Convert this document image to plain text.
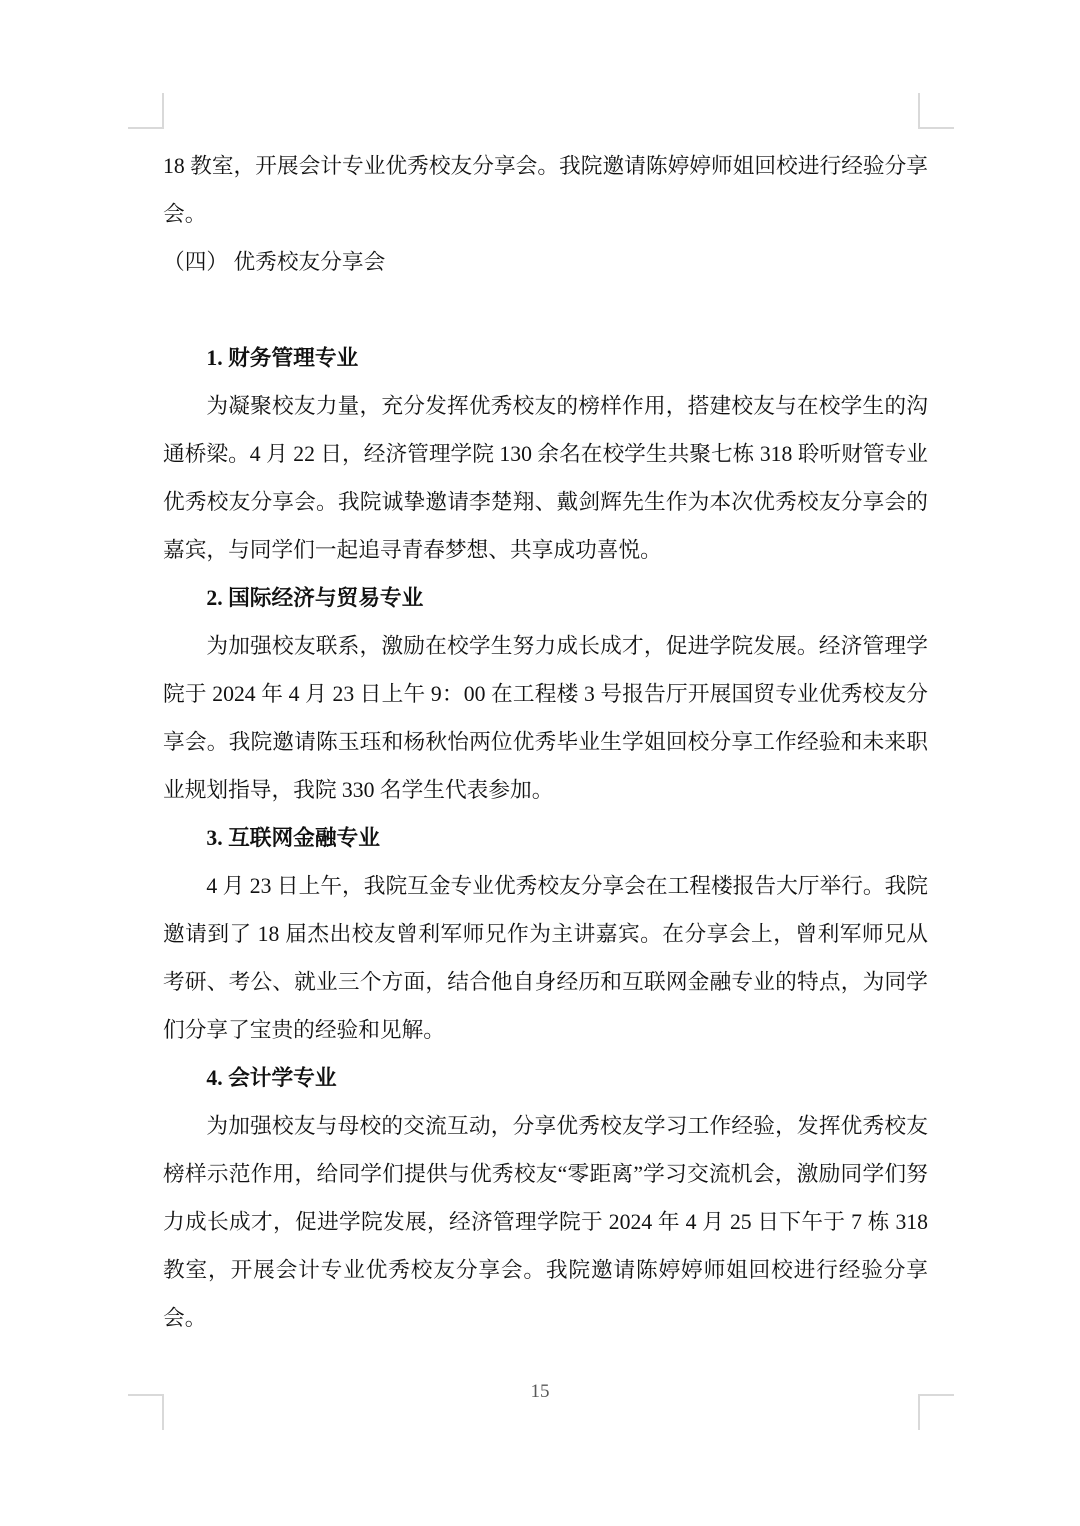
18 教室，开展会计专业优秀校友分享会。我院邀请陈婷婷师姐回校进行经验分享会。

（四） 优秀校友分享会
1. 财务管理专业

为凝聚校友力量，充分发挥优秀校友的榜样作用，搭建校友与在校学生的沟通桥梁。4 月 22 日，经济管理学院 130 余名在校学生共聚七栋 318 聆听财管专业优秀校友分享会。我院诚挚邀请李楚翔、戴剑辉先生作为本次优秀校友分享会的嘉宾，与同学们一起追寻青春梦想、共享成功喜悦。

2. 国际经济与贸易专业

为加强校友联系，激励在校学生努力成长成才，促进学院发展。经济管理学院于 2024 年 4 月 23 日上午 9：00 在工程楼 3 号报告厅开展国贸专业优秀校友分享会。我院邀请陈玉珏和杨秋怡两位优秀毕业生学姐回校分享工作经验和未来职业规划指导，我院 330 名学生代表参加。

3. 互联网金融专业

4 月 23 日上午，我院互金专业优秀校友分享会在工程楼报告大厅举行。我院邀请到了 18 届杰出校友曾利军师兄作为主讲嘉宾。在分享会上，曾利军师兄从考研、考公、就业三个方面，结合他自身经历和互联网金融专业的特点，为同学们分享了宝贵的经验和见解。

4. 会计学专业

为加强校友与母校的交流互动，分享优秀校友学习工作经验，发挥优秀校友榜样示范作用，给同学们提供与优秀校友“零距离”学习交流机会，激励同学们努力成长成才，促进学院发展，经济管理学院于 2024 年 4 月 25 日下午于 7 栋 318 教室，开展会计专业优秀校友分享会。我院邀请陈婷婷师姐回校进行经验分享会。

15
